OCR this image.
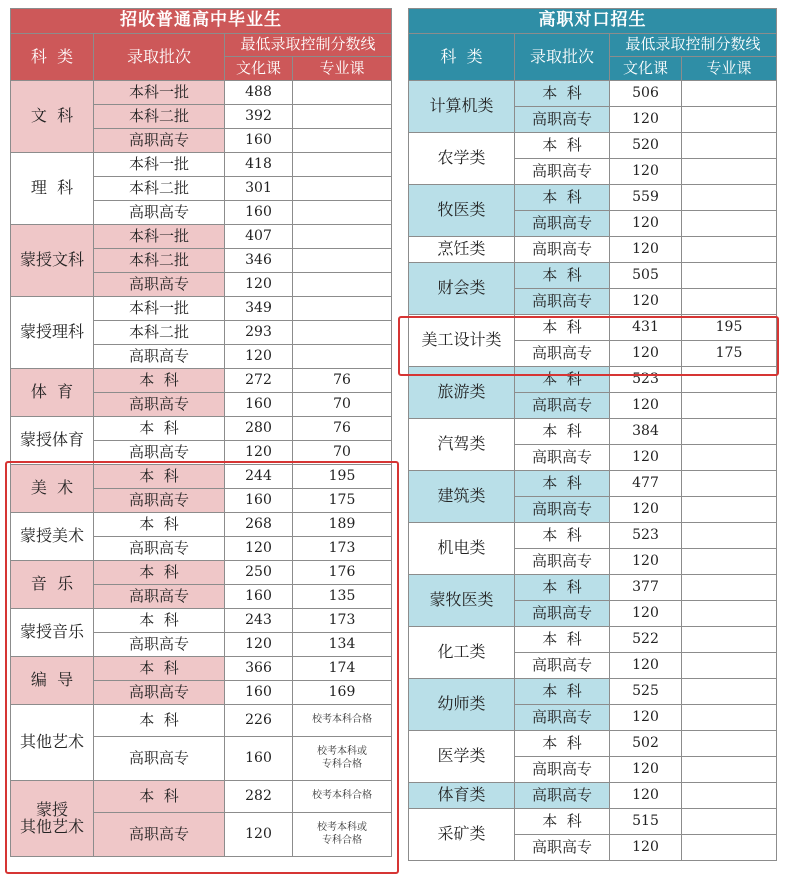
招收普通高中毕业生			
科  类	录取批次	最低录取控制分数线	
		文化课	专业课
文  科	本科一批	488	
	本科二批	392	
	高职高专	160	
理  科	本科一批	418	
	本科二批	301	
	高职高专	160	
蒙授文科	本科一批	407	
	本科二批	346	
	高职高专	120	
蒙授理科	本科一批	349	
	本科二批	293	
	高职高专	120	
体  育	本  科	272	76
	高职高专	160	70
蒙授体育	本  科	280	76
	高职高专	120	70
美  术	本  科	244	195
	高职高专	160	175
蒙授美术	本  科	268	189
	高职高专	120	173
音  乐	本  科	250	176
	高职高专	160	135
蒙授音乐	本  科	243	173
	高职高专	120	134
编  导	本  科	366	174
	高职高专	160	169
其他艺术	本  科	226	校考本科合格

	高职高专	160	校考本科或
专科合格

蒙授
其他艺术	本  科	282	校考本科合格

	高职高专	120	校考本科或
专科合格
高职对口招生			
科  类	录取批次	最低录取控制分数线	
		文化课	专业课
计算机类	本  科	506	
	高职高专	120	
农学类	本  科	520	
	高职高专	120	
牧医类	本  科	559	
	高职高专	120	
烹饪类	高职高专	120	
财会类	本  科	505	
	高职高专	120	
美工设计类	本  科	431	195
	高职高专	120	175
旅游类	本  科	523	
	高职高专	120	
汽驾类	本  科	384	
	高职高专	120	
建筑类	本  科	477	
	高职高专	120	
机电类	本  科	523	
	高职高专	120	
蒙牧医类	本  科	377	
	高职高专	120	
化工类	本  科	522	
	高职高专	120	
幼师类	本  科	525	
	高职高专	120	
医学类	本  科	502	
	高职高专	120	
体育类	高职高专	120	
采矿类	本  科	515	
	高职高专	120	
